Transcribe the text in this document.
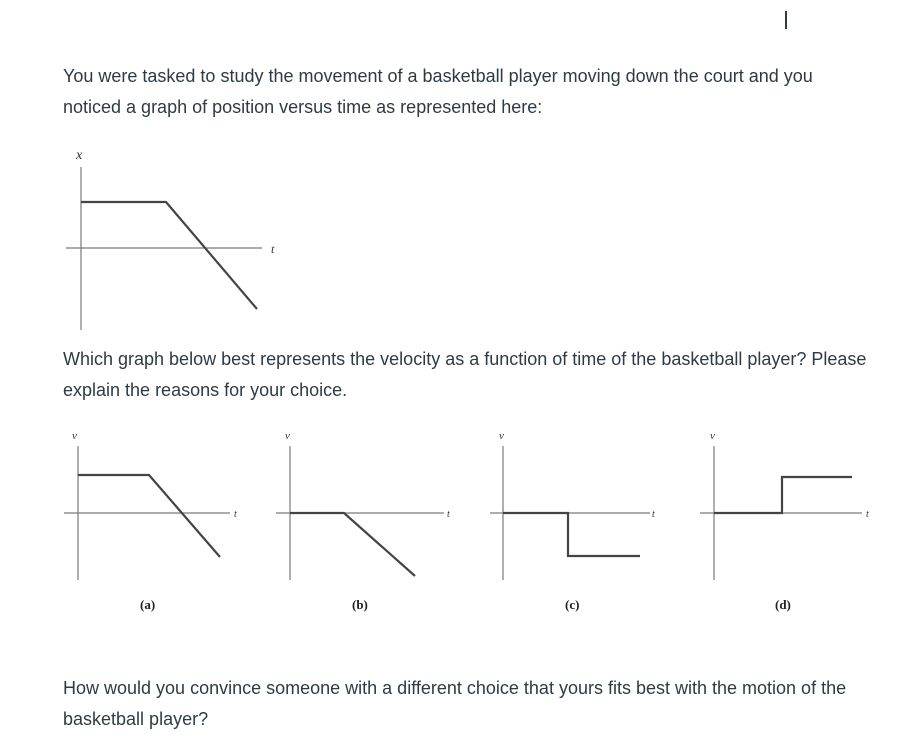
You were tasked to study the movement of a basketball player moving down the court and you noticed a graph of position versus time as represented here:

x
t
v
t
(a)
v
t
(b)
v
t
(c)
v
t
(d)

Which graph below best represents the velocity as a function of time of the basketball player? Please explain the reasons for your choice.

How would you convince someone with a different choice that yours fits best with the motion of the basketball player?
